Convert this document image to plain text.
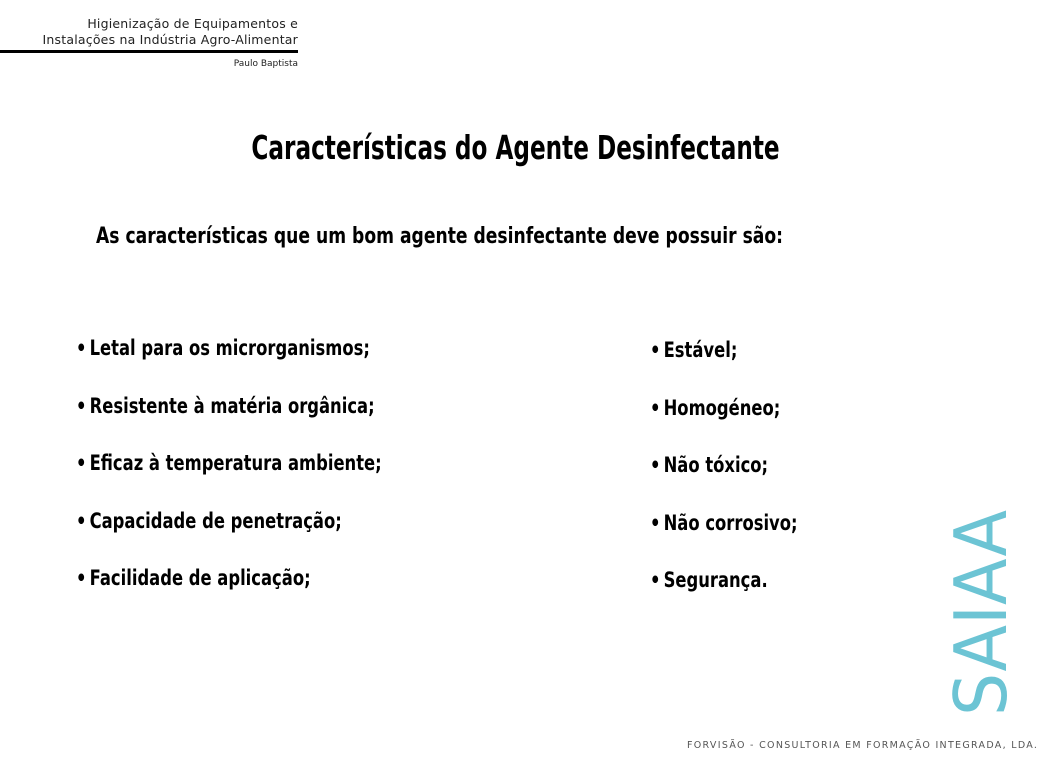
Higienização de Equipamentos e
Instalações na Indústria Agro-Alimentar
Paulo Baptista
Características do Agente Desinfectante
As características que um bom agente desinfectante deve possuir são:
• Letal para os microrganismos;
• Resistente à matéria orgânica;
• Eficaz à temperatura ambiente;
• Capacidade de penetração;
• Facilidade de aplicação;
• Estável;
• Homogéneo;
• Não tóxico;
• Não corrosivo;
• Segurança.	SAIAA
FORVISÃO - CONSULTORIA EM FORMAÇÃO INTEGRADA, LDA.
